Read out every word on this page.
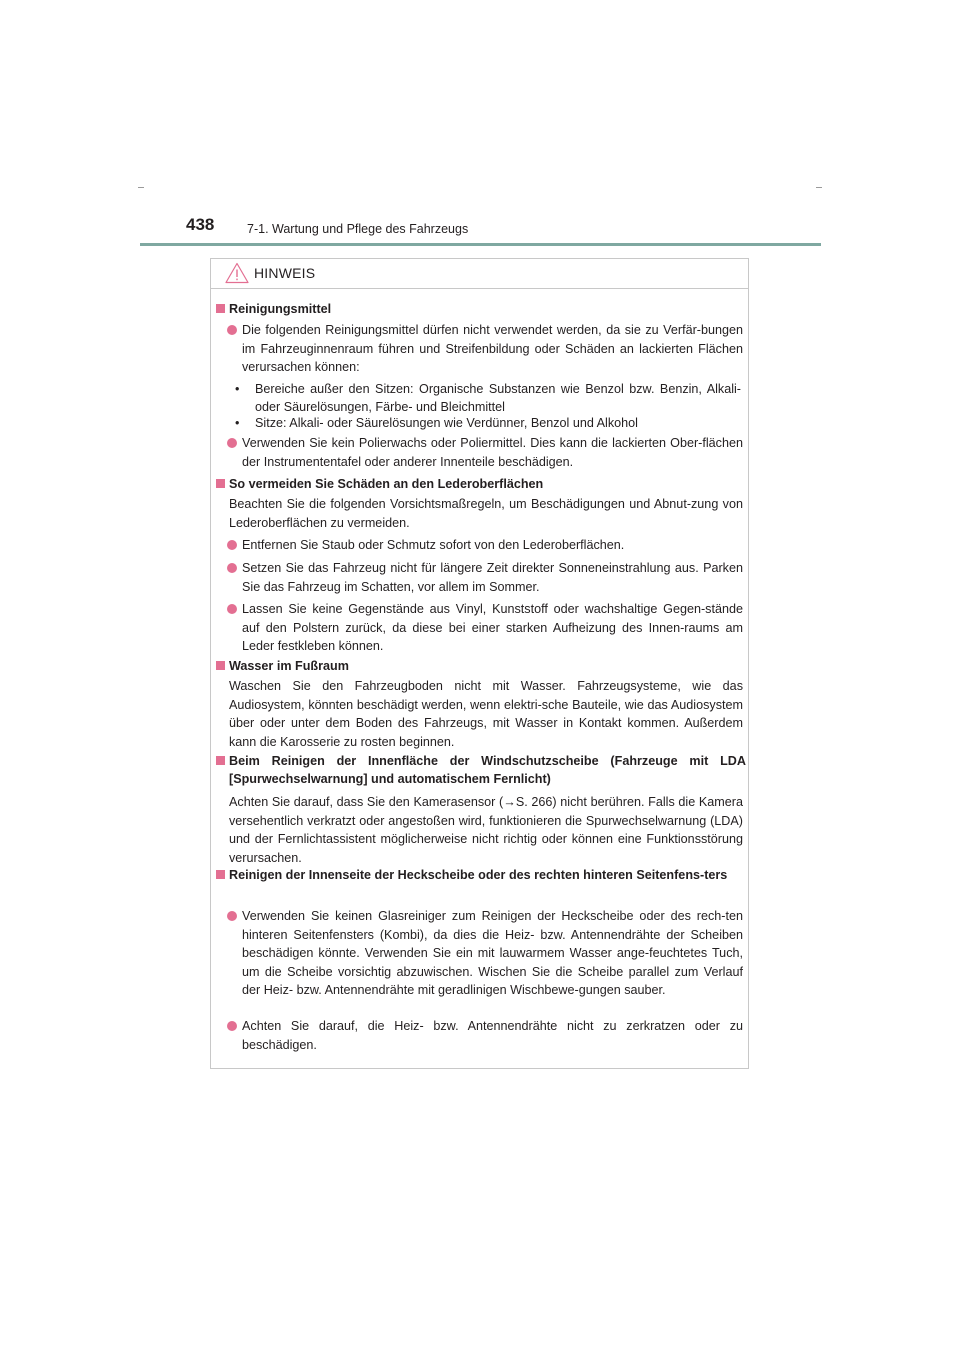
438	7-1. Wartung und Pflege des Fahrzeugs
HINWEIS
Reinigungsmittel
Die folgenden Reinigungsmittel dürfen nicht verwendet werden, da sie zu Verfär-bungen im Fahrzeuginnenraum führen und Streifenbildung oder Schäden an lackierten Flächen verursachen können:
•	Bereiche außer den Sitzen: Organische Substanzen wie Benzol bzw. Benzin, Alkali- oder Säurelösungen, Färbe- und Bleichmittel
•	Sitze: Alkali- oder Säurelösungen wie Verdünner, Benzol und Alkohol
Verwenden Sie kein Polierwachs oder Poliermittel. Dies kann die lackierten Ober-flächen der Instrumententafel oder anderer Innenteile beschädigen.
So vermeiden Sie Schäden an den Lederoberflächen
Beachten Sie die folgenden Vorsichtsmaßregeln, um Beschädigungen und Abnut-zung von Lederoberflächen zu vermeiden.
Entfernen Sie Staub oder Schmutz sofort von den Lederoberflächen.
Setzen Sie das Fahrzeug nicht für längere Zeit direkter Sonneneinstrahlung aus. Parken Sie das Fahrzeug im Schatten, vor allem im Sommer.
Lassen Sie keine Gegenstände aus Vinyl, Kunststoff oder wachshaltige Gegen-stände auf den Polstern zurück, da diese bei einer starken Aufheizung des Innen-raums am Leder festkleben können.
Wasser im Fußraum
Waschen Sie den Fahrzeugboden nicht mit Wasser. Fahrzeugsysteme, wie das Audiosystem, könnten beschädigt werden, wenn elektri-sche Bauteile, wie das Audiosystem über oder unter dem Boden des Fahrzeugs, mit Wasser in Kontakt kommen. Außerdem kann die Karosserie zu rosten beginnen.
Beim Reinigen der Innenfläche der Windschutzscheibe (Fahrzeuge mit LDA [Spurwechselwarnung] und automatischem Fernlicht)
Achten Sie darauf, dass Sie den Kamerasensor (→S. 266) nicht berühren. Falls die Kamera versehentlich verkratzt oder angestoßen wird, funktionieren die Spurwechselwarnung (LDA) und der Fernlichtassistent möglicherweise nicht richtig oder können eine Funktionsstörung verursachen.
Reinigen der Innenseite der Heckscheibe oder des rechten hinteren Seitenfens-ters
Verwenden Sie keinen Glasreiniger zum Reinigen der Heckscheibe oder des rech-ten hinteren Seitenfensters (Kombi), da dies die Heiz- bzw. Antennendrähte der Scheiben beschädigen könnte. Verwenden Sie ein mit lauwarmem Wasser ange-feuchtetes Tuch, um die Scheibe vorsichtig abzuwischen. Wischen Sie die Scheibe parallel zum Verlauf der Heiz- bzw. Antennendrähte mit geradlinigen Wischbewe-gungen sauber.
Achten Sie darauf, die Heiz- bzw. Antennendrähte nicht zu zerkratzen oder zu beschädigen.
